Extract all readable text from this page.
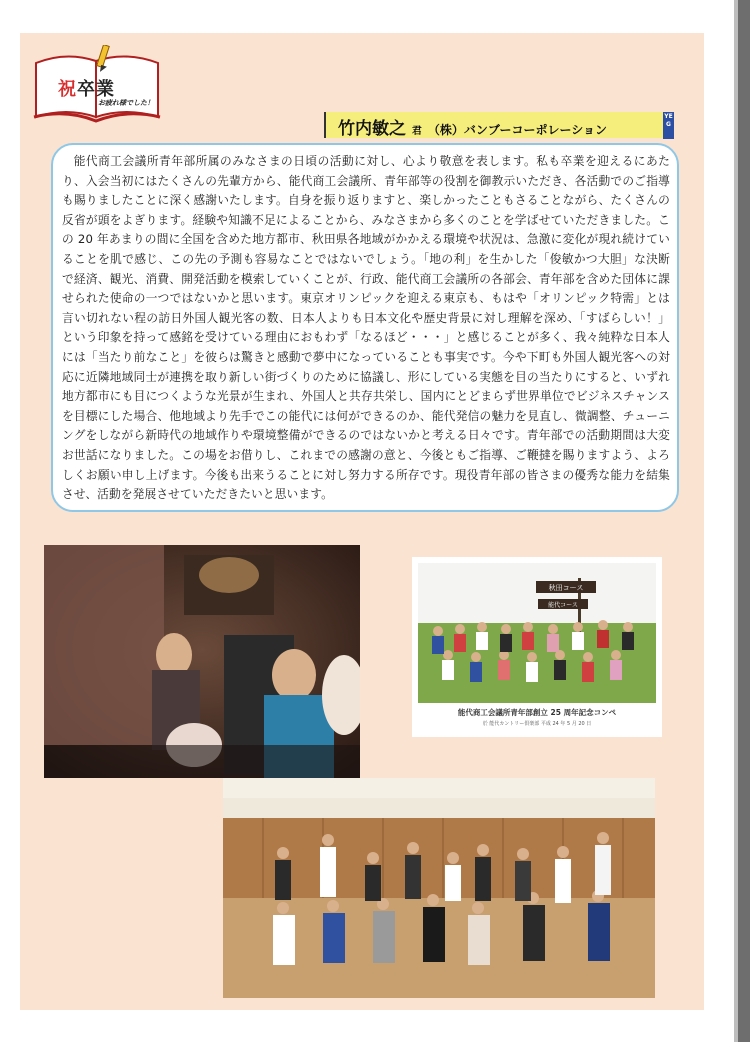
祝卒業
お疲れ様でした！
竹内敏之 君 （株）バンブーコーポレーション
YEG

能代商工会議所青年部所属のみなさまの日頃の活動に対し、心より敬意を表します。私も卒業を迎えるにあたり、入会当初にはたくさんの先輩方から、能代商工会議所、青年部等の役割を御教示いただき、各活動でのご指導も賜りましたことに深く感謝いたします。自身を振り返りますと、楽しかったこともさることながら、たくさんの反省が頭をよぎります。経験や知識不足によることから、みなさまから多くのことを学ばせていただきました。この 20 年あまりの間に全国を含めた地方都市、秋田県各地域がかかえる環境や状況は、急激に変化が現れ続けていることを肌で感じ、この先の予測も容易なことではないでしょう。「地の利」を生かした「俊敏かつ大胆」な決断で経済、観光、消費、開発活動を模索していくことが、行政、能代商工会議所の各部会、青年部を含めた団体に課せられた使命の一つではないかと思います。東京オリンピックを迎える東京も、もはや「オリンピック特需」とは言い切れない程の訪日外国人観光客の数、日本人よりも日本文化や歴史背景に対し理解を深め、「すばらしい！」という印象を持って感銘を受けている理由におもわず「なるほど・・・」と感じることが多く、我々純粋な日本人には「当たり前なこと」を彼らは驚きと感動で夢中になっていることも事実です。今や下町も外国人観光客への対応に近隣地域同士が連携を取り新しい街づくりのために協議し、形にしている実態を目の当たりにすると、いずれ地方都市にも目につくような光景が生まれ、外国人と共存共栄し、国内にとどまらず世界単位でビジネスチャンスを目標にした場合、他地域より先手でこの能代には何ができるのか、能代発信の魅力を見直し、微調整、チューニングをしながら新時代の地域作りや環境整備ができるのではないかと考える日々です。青年部での活動期間は大変お世話になりました。この場をお借りし、これまでの感謝の意と、今後ともご指導、ご鞭撻を賜りますよう、よろしくお願い申し上げます。今後も出来うることに対し努力する所存です。現役青年部の皆さまの優秀な能力を結集させ、活動を発展させていただきたいと思います。

秋田コース
能代コース
能代商工会議所青年部創立 25 周年記念コンペ
於 能代カントリー倶楽部 平成 24 年 5 月 20 日
